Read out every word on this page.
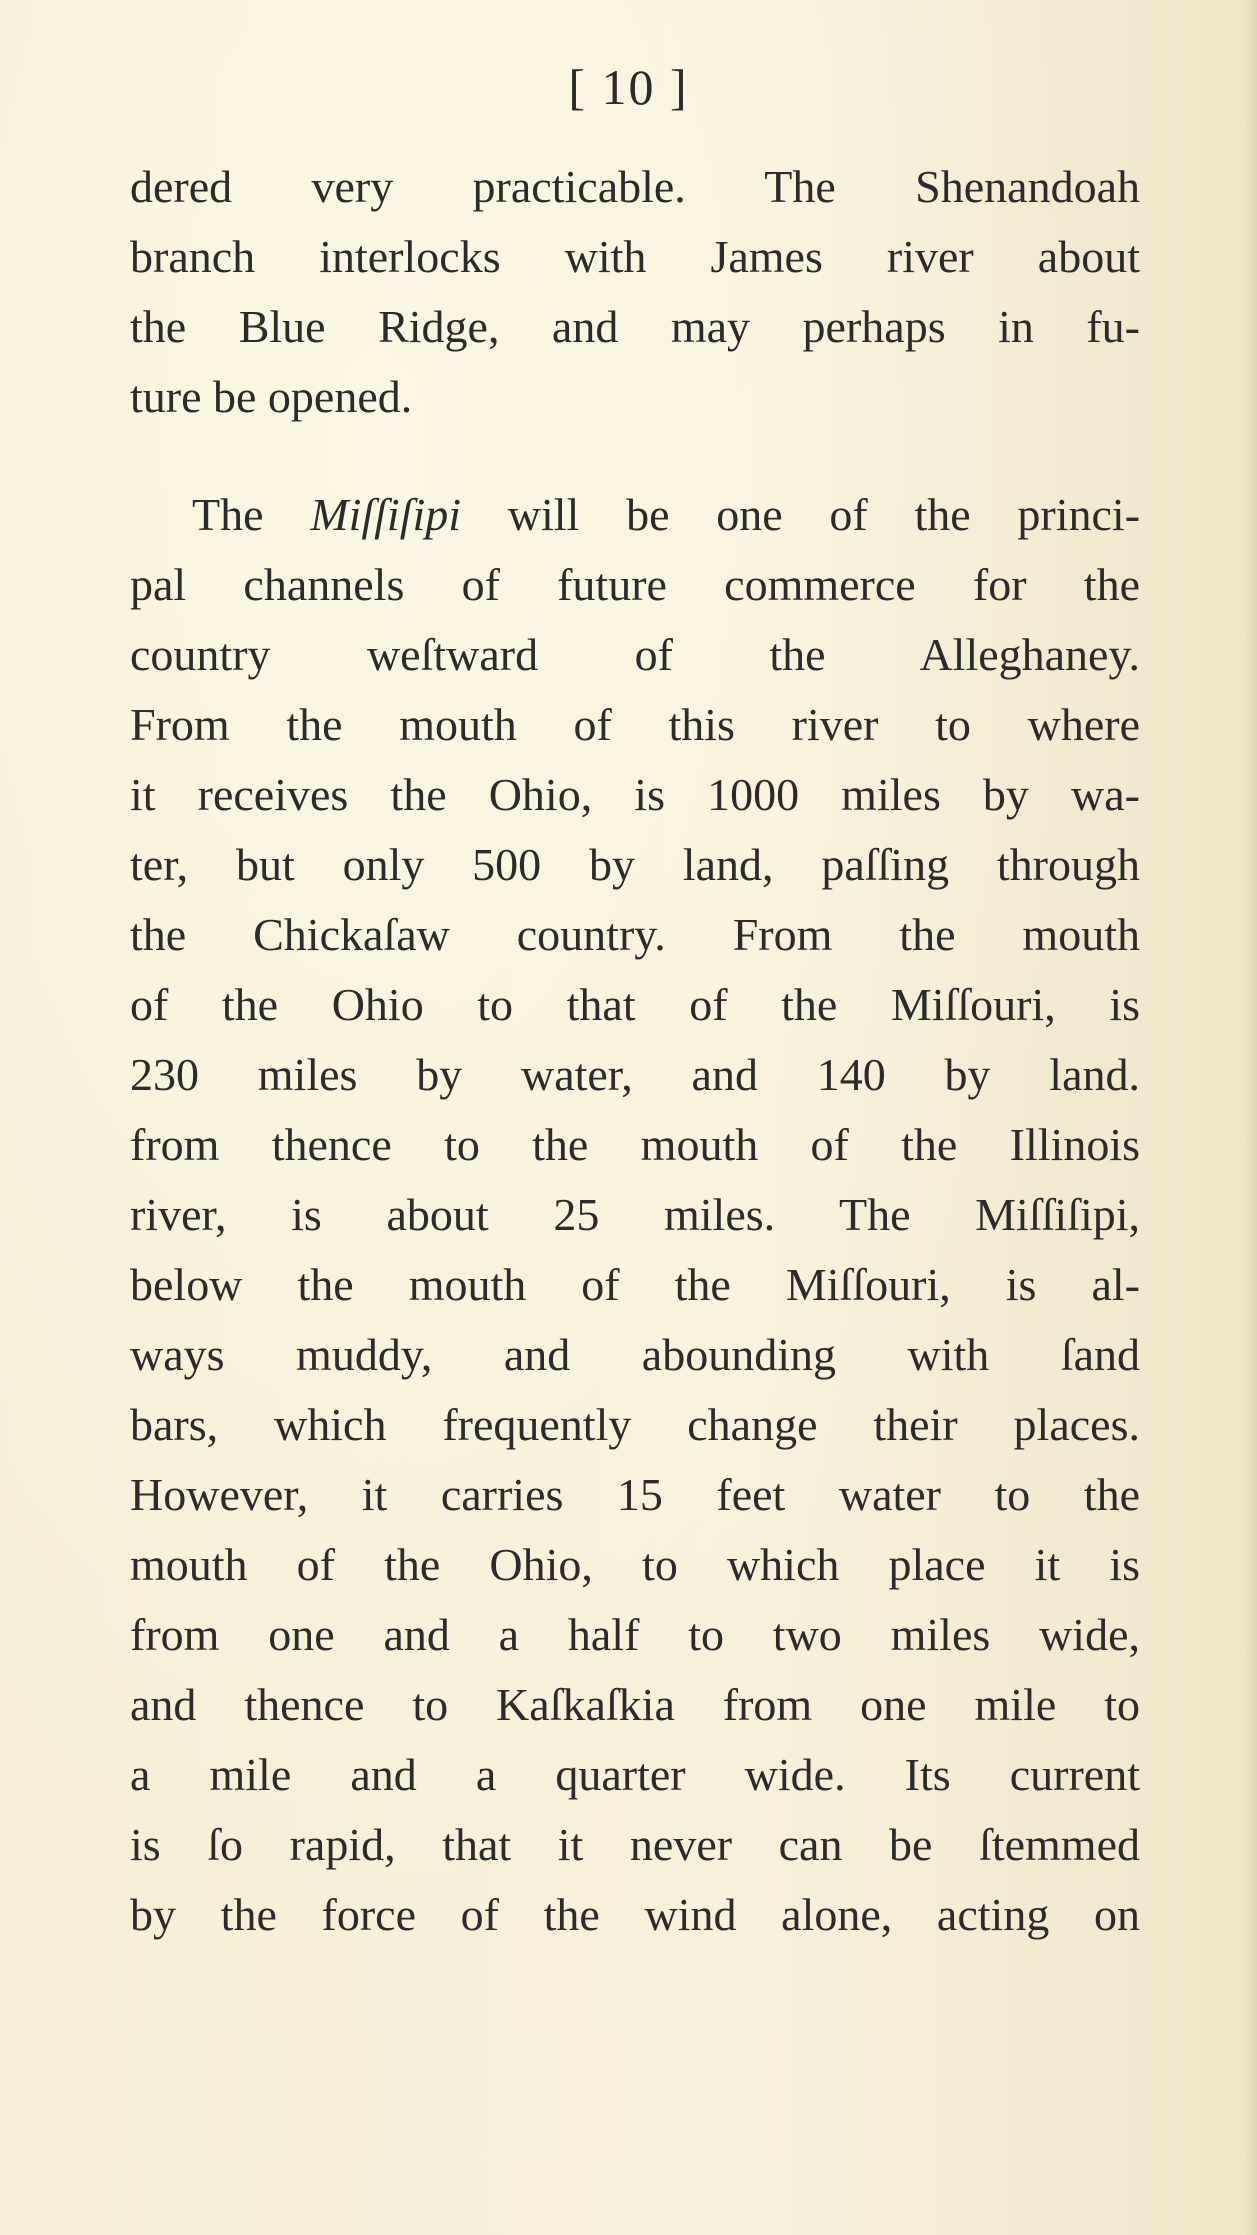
[ 10 ]
dered very practicable. The Shenandoah
branch interlocks with James river about
the Blue Ridge, and may perhaps in fu-
ture be opened.
The Miſſiſipi will be one of the princi-
pal channels of future commerce for the
country weſtward of the Alleghaney.
From the mouth of this river to where
it receives the Ohio, is 1000 miles by wa-
ter, but only 500 by land, paſſing through
the Chickaſaw country. From the mouth
of the Ohio to that of the Miſſouri, is
230 miles by water, and 140 by land.
from thence to the mouth of the Illinois
river, is about 25 miles. The Miſſiſipi,
below the mouth of the Miſſouri, is al-
ways muddy, and abounding with ſand
bars, which frequently change their places.
However, it carries 15 feet water to the
mouth of the Ohio, to which place it is
from one and a half to two miles wide,
and thence to Kaſkaſkia from one mile to
a mile and a quarter wide. Its current
is ſo rapid, that it never can be ſtemmed
by the force of the wind alone, acting on
